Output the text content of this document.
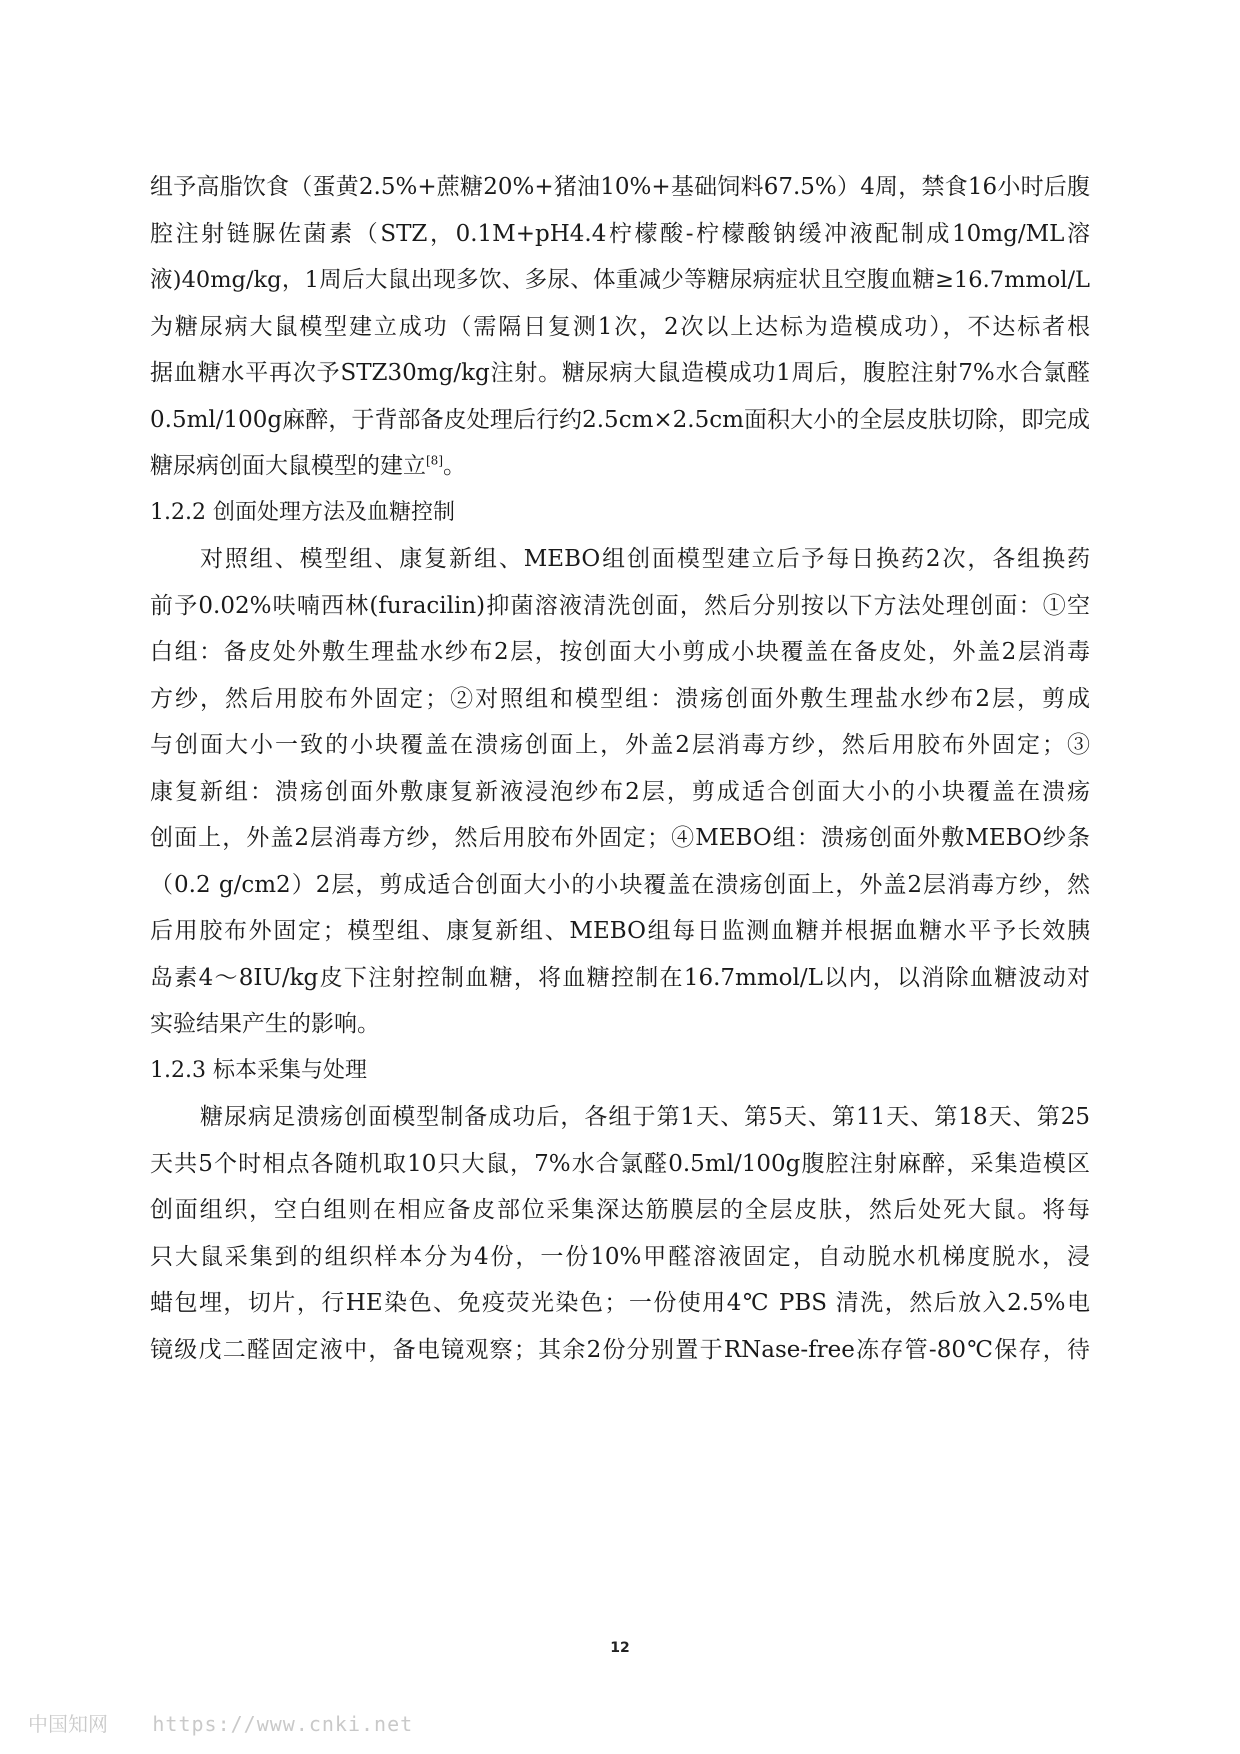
组予高脂饮食（蛋黄2.5%+蔗糖20%+猪油10%+基础饲料67.5%）4周，禁食16小时后腹
腔注射链脲佐菌素（STZ，0.1M+pH4.4柠檬酸-柠檬酸钠缓冲液配制成10mg/ML溶
液)40mg/kg，1周后大鼠出现多饮、多尿、体重减少等糖尿病症状且空腹血糖≥16.7mmol/L
为糖尿病大鼠模型建立成功（需隔日复测1次，2次以上达标为造模成功），不达标者根
据血糖水平再次予STZ30mg/kg注射。糖尿病大鼠造模成功1周后，腹腔注射7%水合氯醛
0.5ml/100g麻醉，于背部备皮处理后行约2.5cm×2.5cm面积大小的全层皮肤切除，即完成
糖尿病创面大鼠模型的建立[8]。
1.2.2 创面处理方法及血糖控制
对照组、模型组、康复新组、MEBO组创面模型建立后予每日换药2次，各组换药
前予0.02%呋喃西林(furacilin)抑菌溶液清洗创面，然后分别按以下方法处理创面：①空
白组：备皮处外敷生理盐水纱布2层，按创面大小剪成小块覆盖在备皮处，外盖2层消毒
方纱，然后用胶布外固定；②对照组和模型组：溃疡创面外敷生理盐水纱布2层，剪成
与创面大小一致的小块覆盖在溃疡创面上，外盖2层消毒方纱，然后用胶布外固定；③
康复新组：溃疡创面外敷康复新液浸泡纱布2层，剪成适合创面大小的小块覆盖在溃疡
创面上，外盖2层消毒方纱，然后用胶布外固定；④MEBO组：溃疡创面外敷MEBO纱条
（0.2 g/cm2）2层，剪成适合创面大小的小块覆盖在溃疡创面上，外盖2层消毒方纱，然
后用胶布外固定；模型组、康复新组、MEBO组每日监测血糖并根据血糖水平予长效胰
岛素4～8IU/kg皮下注射控制血糖，将血糖控制在16.7mmol/L以内，以消除血糖波动对
实验结果产生的影响。
1.2.3 标本采集与处理
糖尿病足溃疡创面模型制备成功后，各组于第1天、第5天、第11天、第18天、第25
天共5个时相点各随机取10只大鼠，7%水合氯醛0.5ml/100g腹腔注射麻醉，采集造模区
创面组织，空白组则在相应备皮部位采集深达筋膜层的全层皮肤，然后处死大鼠。将每
只大鼠采集到的组织样本分为4份，一份10%甲醛溶液固定，自动脱水机梯度脱水，浸
蜡包埋，切片，行HE染色、免疫荧光染色；一份使用4℃ PBS 清洗，然后放入2.5%电
镜级戊二醛固定液中，备电镜观察；其余2份分别置于RNase-free冻存管-80℃保存，待
12
中国知网 https://www.cnki.net
